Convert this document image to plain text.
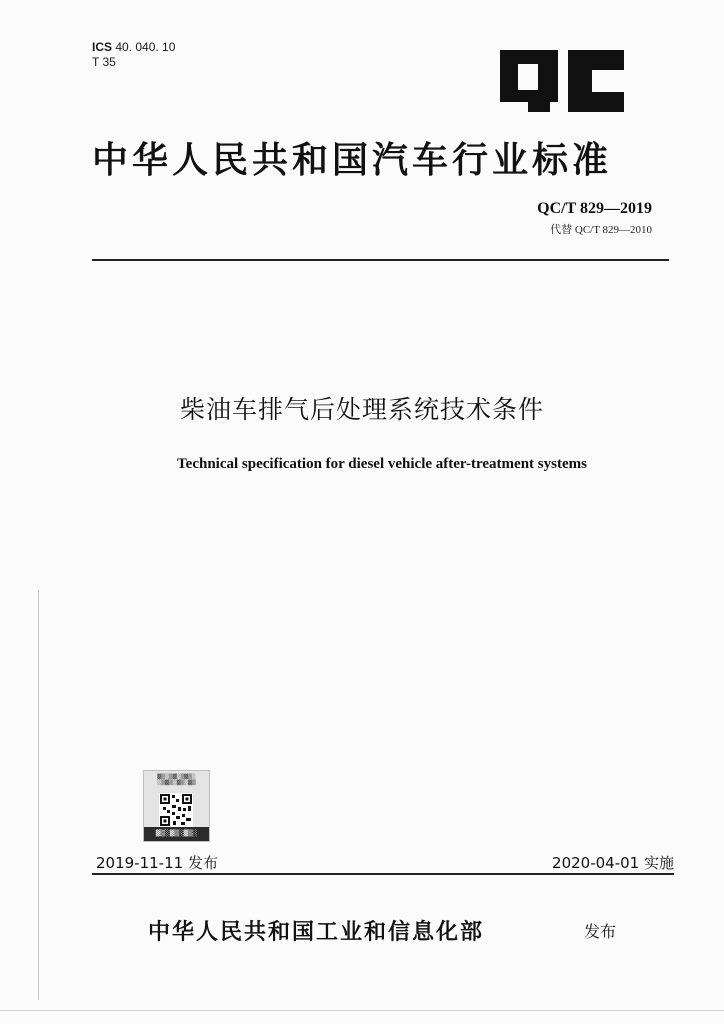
ICS 40. 040. 10
T 35
中华人民共和国汽车行业标准
QC/T 829—2019
代替 QC/T 829—2010
柴油车排气后处理系统技术条件
Technical specification for diesel vehicle after-treatment systems
▓▒░▒▓░▒▓▒░
░▒▓▒░▓▒░▓▒
▓▒░▓▒░▓▒░
2019-11-11 发布	2020-04-01 实施
中华人民共和国工业和信息化部	发布
